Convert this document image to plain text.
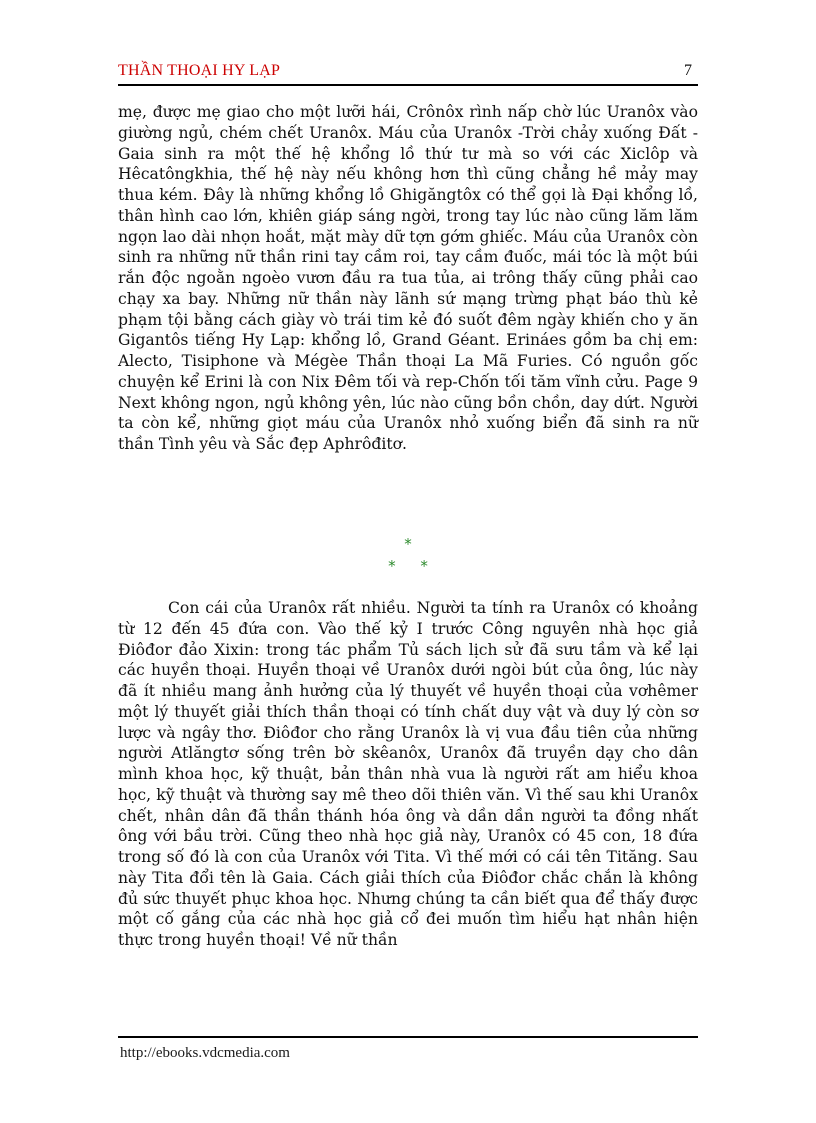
THẦN THOẠI HY LẠP	7

mẹ, được mẹ giao cho một lưỡi hái, Crônôx rình nấp chờ lúc Uranôx vào giường ngủ, chém chết Uranôx. Máu của Uranôx -Trời chảy xuống Đất -Gaia sinh ra một thế hệ khổng lồ thứ tư mà so với các Xiclôp và Hêcatôngkhia, thế hệ này nếu không hơn thì cũng chẳng hề mảy may thua kém. Đây là những khổng lồ Ghigăngtôx có thể gọi là Đại khổng lồ, thân hình cao lớn, khiên giáp sáng ngời, trong tay lúc nào cũng lăm lăm ngọn lao dài nhọn hoắt, mặt mày dữ tợn gớm ghiếc. Máu của Uranôx còn sinh ra những nữ thần rini tay cầm roi, tay cầm đuốc, mái tóc là một búi rắn độc ngoằn ngoèo vươn đầu ra tua tủa, ai trông thấy cũng phải cao chạy xa bay. Những nữ thần này lãnh sứ mạng trừng phạt báo thù kẻ phạm tội bằng cách giày vò trái tim kẻ đó suốt đêm ngày khiến cho y ăn Gigantôs tiếng Hy Lạp: khổng lồ, Grand Géant. Erináes gồm ba chị em: Alecto, Tisiphone và Mégèe Thần thoại La Mã Furies. Có nguồn gốc chuyện kể Erini là con Nix Đêm tối và rep-Chốn tối tăm vĩnh cửu. Page 9 Next không ngon, ngủ không yên, lúc nào cũng bồn chồn, day dứt. Người ta còn kể, những giọt máu của Uranôx nhỏ xuống biển đã sinh ra nữ thần Tình yêu và Sắc đẹp Aphrôđitơ.

*
* *

Con cái của Uranôx rất nhiều. Người ta tính ra Uranôx có khoảng từ 12 đến 45 đứa con. Vào thế kỷ I trước Công nguyên nhà học giả Điôđor đảo Xixin: trong tác phẩm Tủ sách lịch sử đã sưu tầm và kể lại các huyền thoại. Huyền thoại về Uranôx dưới ngòi bút của ông, lúc này đã ít nhiều mang ảnh hưởng của lý thuyết về huyền thoại của vơhêmer một lý thuyết giải thích thần thoại có tính chất duy vật và duy lý còn sơ lược và ngây thơ. Điôđor cho rằng Uranôx là vị vua đầu tiên của những người Atlăngtơ sống trên bờ skêanôx, Uranôx đã truyền dạy cho dân mình khoa học, kỹ thuật, bản thân nhà vua là người rất am hiểu khoa học, kỹ thuật và thường say mê theo dõi thiên văn. Vì thế sau khi Uranôx chết, nhân dân đã thần thánh hóa ông và dần dần người ta đồng nhất ông với bầu trời. Cũng theo nhà học giả này, Uranôx có 45 con, 18 đứa trong số đó là con của Uranôx với Tita. Vì thế mới có cái tên Tităng. Sau này Tita đổi tên là Gaia. Cách giải thích của Điôđor chắc chắn là không đủ sức thuyết phục khoa học. Nhưng chúng ta cần biết qua để thấy được một cố gắng của các nhà học giả cổ đei muốn tìm hiểu hạt nhân hiện thực trong huyền thoại! Về nữ thần

http://ebooks.vdcmedia.com
